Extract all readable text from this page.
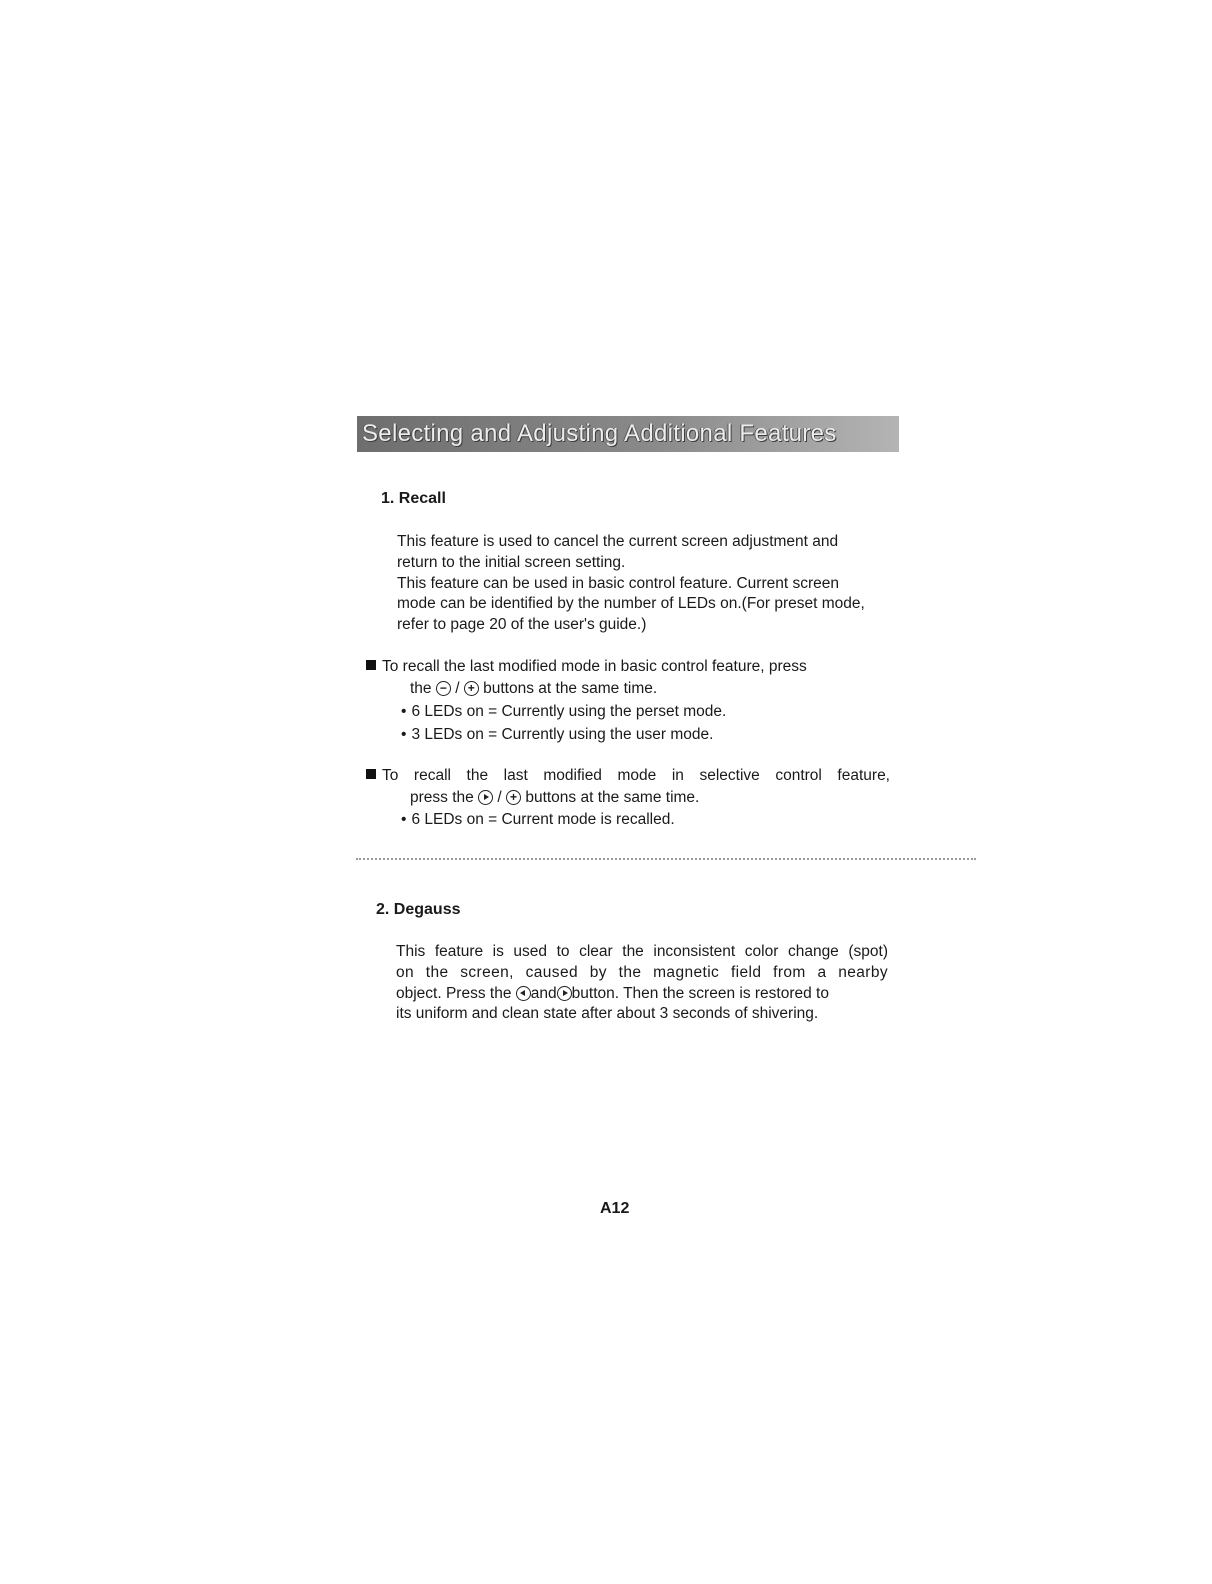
Selecting and Adjusting Additional Features
1. Recall
This feature is used to cancel the current screen adjustment and
return to the initial screen setting.
This feature can be used in basic control feature. Current screen
mode can be identified by the number of LEDs on.(For preset mode,
refer to page 20 of the user's guide.)
To recall the last modified mode in basic control feature, press
the − / + buttons at the same time.
• 6 LEDs on = Currently using the perset mode.
• 3 LEDs on = Currently using the user mode.
To recall the last modified mode in selective control feature,
press the / + buttons at the same time.
• 6 LEDs on = Current mode is recalled.
2. Degauss
This feature is used to clear the inconsistent color change (spot)
on the screen, caused by the magnetic field from a nearby
object. Press the and button. Then the screen is restored to
its uniform and clean state after about 3 seconds of shivering.
A12
